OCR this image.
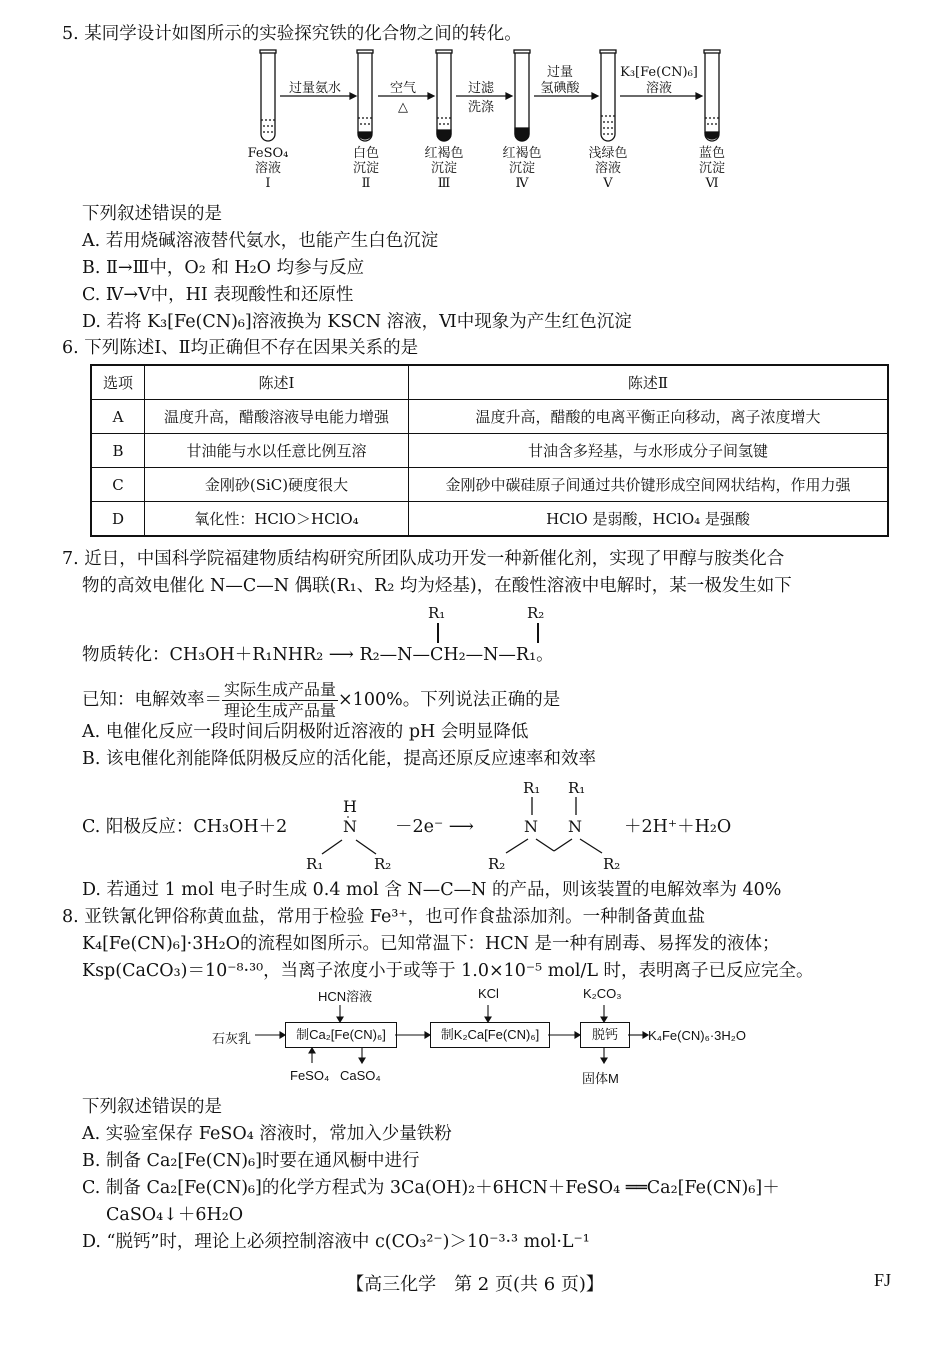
5. 某同学设计如图所示的实验探究铁的化合物之间的转化。
过量氨水	空气
△
过滤
洗涤
过量
氢碘酸
K₃[Fe(CN)₆]
溶液
FeSO₄
溶液
Ⅰ
白色
沉淀
Ⅱ
红褐色
沉淀
Ⅲ
红褐色
沉淀
Ⅳ
浅绿色
溶液
Ⅴ
蓝色
沉淀
Ⅵ
下列叙述错误的是
A. 若用烧碱溶液替代氨水，也能产生白色沉淀
B. Ⅱ→Ⅲ中，O₂ 和 H₂O 均参与反应
C. Ⅳ→Ⅴ中，HI 表现酸性和还原性
D. 若将 K₃[Fe(CN)₆]溶液换为 KSCN 溶液，Ⅵ中现象为产生红色沉淀
6. 下列陈述Ⅰ、Ⅱ均正确但不存在因果关系的是
选项	陈述Ⅰ	陈述Ⅱ
A	温度升高，醋酸溶液导电能力增强	温度升高，醋酸的电离平衡正向移动，离子浓度增大
B	甘油能与水以任意比例互溶	甘油含多羟基，与水形成分子间氢键
C	金刚砂(SiC)硬度很大	金刚砂中碳硅原子间通过共价键形成空间网状结构，作用力强
D	氧化性：HClO＞HClO₄	HClO 是弱酸，HClO₄ 是强酸
7. 近日，中国科学院福建物质结构研究所团队成功开发一种新催化剂，实现了甲醇与胺类化合
物的高效电催化 N—C—N 偶联(R₁、R₂ 均为烃基)，在酸性溶液中电解时，某一极发生如下
R₁	R₂
物质转化：CH₃OH＋R₁NHR₂ ⟶ R₂—N—CH₂—N—R₁。
已知：电解效率＝ $\frac{\text{实际生成产品量}}{\text{理论生成产品量}} \times 100\%$。下列说法正确的是
A. 电催化反应一段时间后阴极附近溶液的 pH 会明显降低
B. 该电催化剂能降低阴极反应的活化能，提高还原反应速率和效率
C. 阳极反应：CH₃OH＋2
H
N
R₁	R₂
－2e⁻ ⟶
R₁ R₁
N N
R₂	R₂
＋2H⁺＋H₂O
D. 若通过 1 mol 电子时生成 0.4 mol 含 N—C—N 的产品，则该装置的电解效率为 40%
8. 亚铁氰化钾俗称黄血盐，常用于检验 Fe³⁺，也可作食盐添加剂。一种制备黄血盐
K₄[Fe(CN)₆]·3H₂O的流程如图所示。已知常温下：HCN 是一种有剧毒、易挥发的液体；
Ksp(CaCO₃)＝10⁻⁸·³⁰，当离子浓度小于或等于 1.0×10⁻⁵ mol/L 时，表明离子已反应完全。
HCN溶液	KCl	K₂CO₃
石灰乳	制Ca₂[Fe(CN)₆]	制K₂Ca[Fe(CN)₆]	脱钙	K₄Fe(CN)₆·3H₂O
FeSO₄ CaSO₄	固体M
下列叙述错误的是
A. 实验室保存 FeSO₄ 溶液时，常加入少量铁粉
B. 制备 Ca₂[Fe(CN)₆]时要在通风橱中进行
C. 制备 Ca₂[Fe(CN)₆]的化学方程式为 3Ca(OH)₂＋6HCN＋FeSO₄ ══Ca₂[Fe(CN)₆]＋
CaSO₄↓＋6H₂O
D. “脱钙”时，理论上必须控制溶液中 c(CO₃²⁻)＞10⁻³·³ mol·L⁻¹
【高三化学　第 2 页(共 6 页)】	FJ
